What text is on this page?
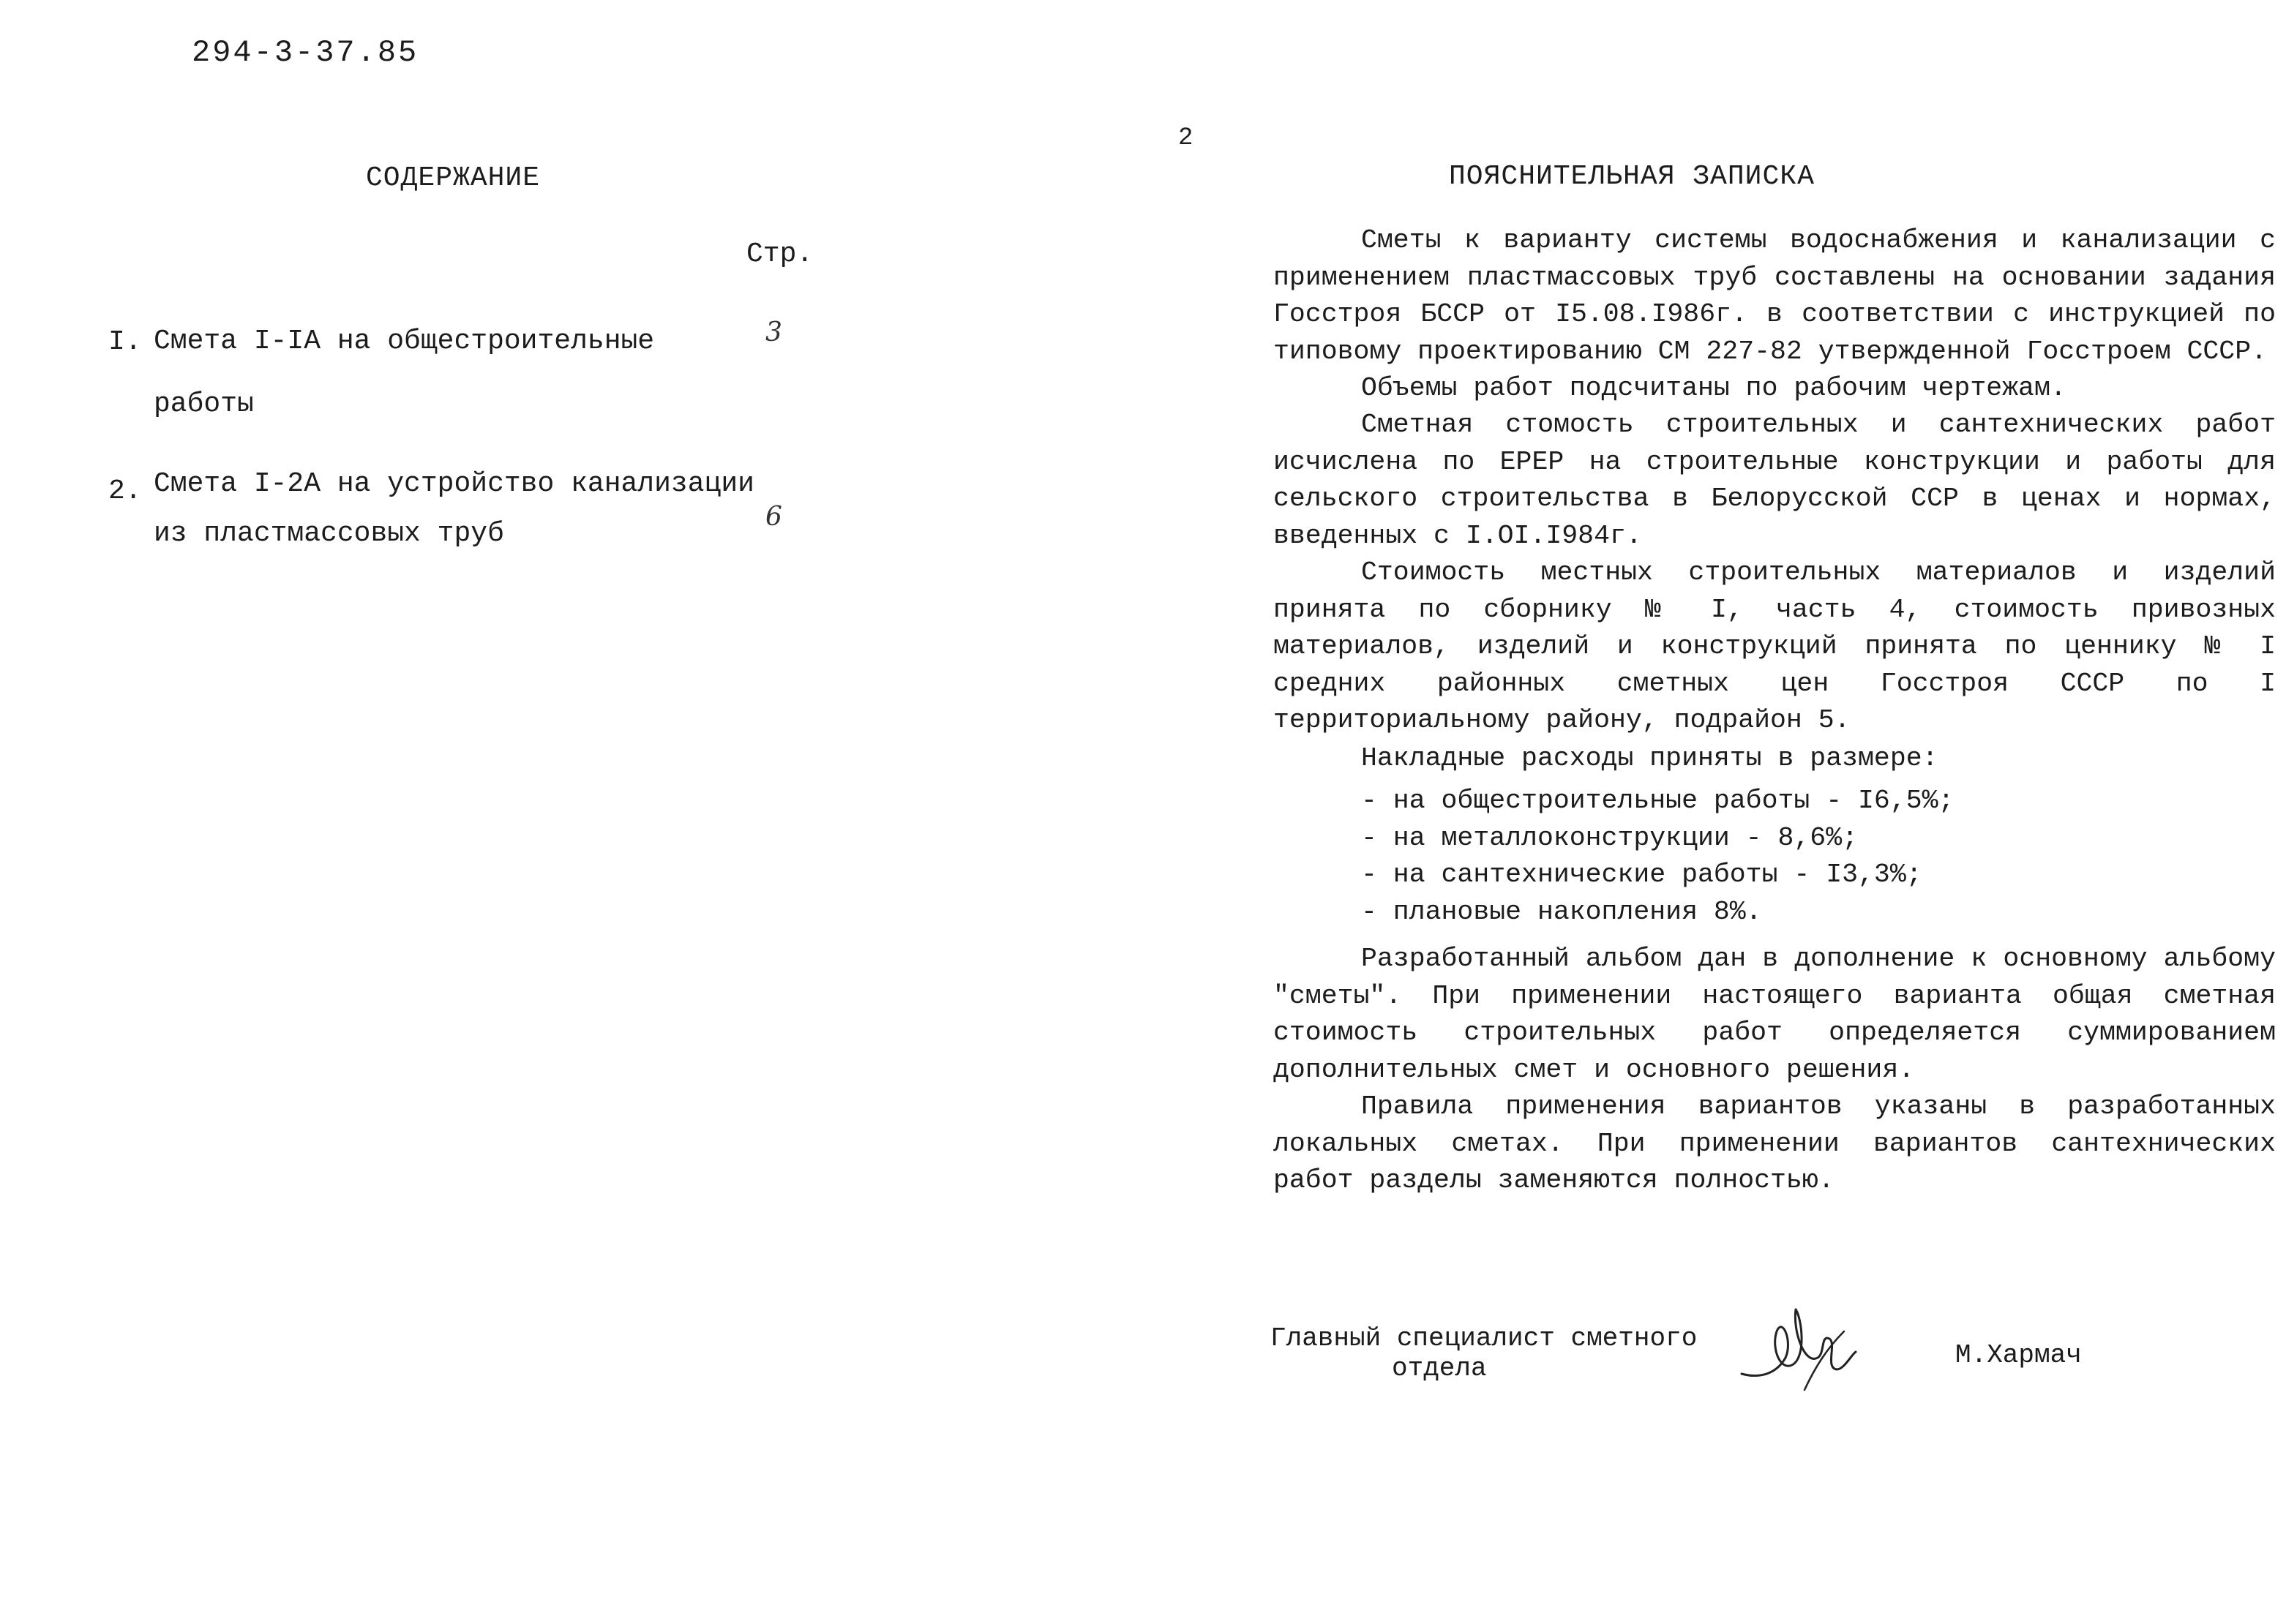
294-3-37.85
СОДЕРЖАНИЕ
Стр.
I. Смета I-IA на общестроительные
работы
3
2. Смета I-2A на устройство канализации
из пластмассовых труб
6
2
ПОЯСНИТЕЛЬНАЯ ЗАПИСКА
Сметы к варианту системы водоснабжения и канализации с применением пластмассовых труб составлены на основании задания Госстроя БССР от I5.08.I986г. в соответствии с инструкцией по типовому проектированию СМ 227-82 утвержденной Госстроем СССР.
Объемы работ подсчитаны по рабочим чертежам.
Сметная стомость строительных и сантехнических работ исчислена по ЕРЕР на строительные конструкции и работы для сельского строительства в Белорусской ССР в ценах и нормах, введенных с I.OI.I984г.
Стоимость местных строительных материалов и изделий принята по сборнику № I, часть 4, стоимость привозных материалов, изделий и конструкций принята по ценнику № I средних районных сметных цен Госстроя СССР по I территориальному району, подрайон 5.
Накладные расходы приняты в размере:
- на общестроительные работы - I6,5%;
- на металлоконструкции - 8,6%;
- на сантехнические работы - I3,3%;
- плановые накопления 8%.
Разработанный альбом дан в дополнение к основному альбому "сметы". При применении настоящего варианта общая сметная стоимость строительных работ определяется суммированием дополнительных смет и основного решения.
Правила применения вариантов указаны в разработанных локальных сметах. При применении вариантов сантехнических работ разделы заменяются полностью.
Главный специалист сметного
отдела	М.Хармач
